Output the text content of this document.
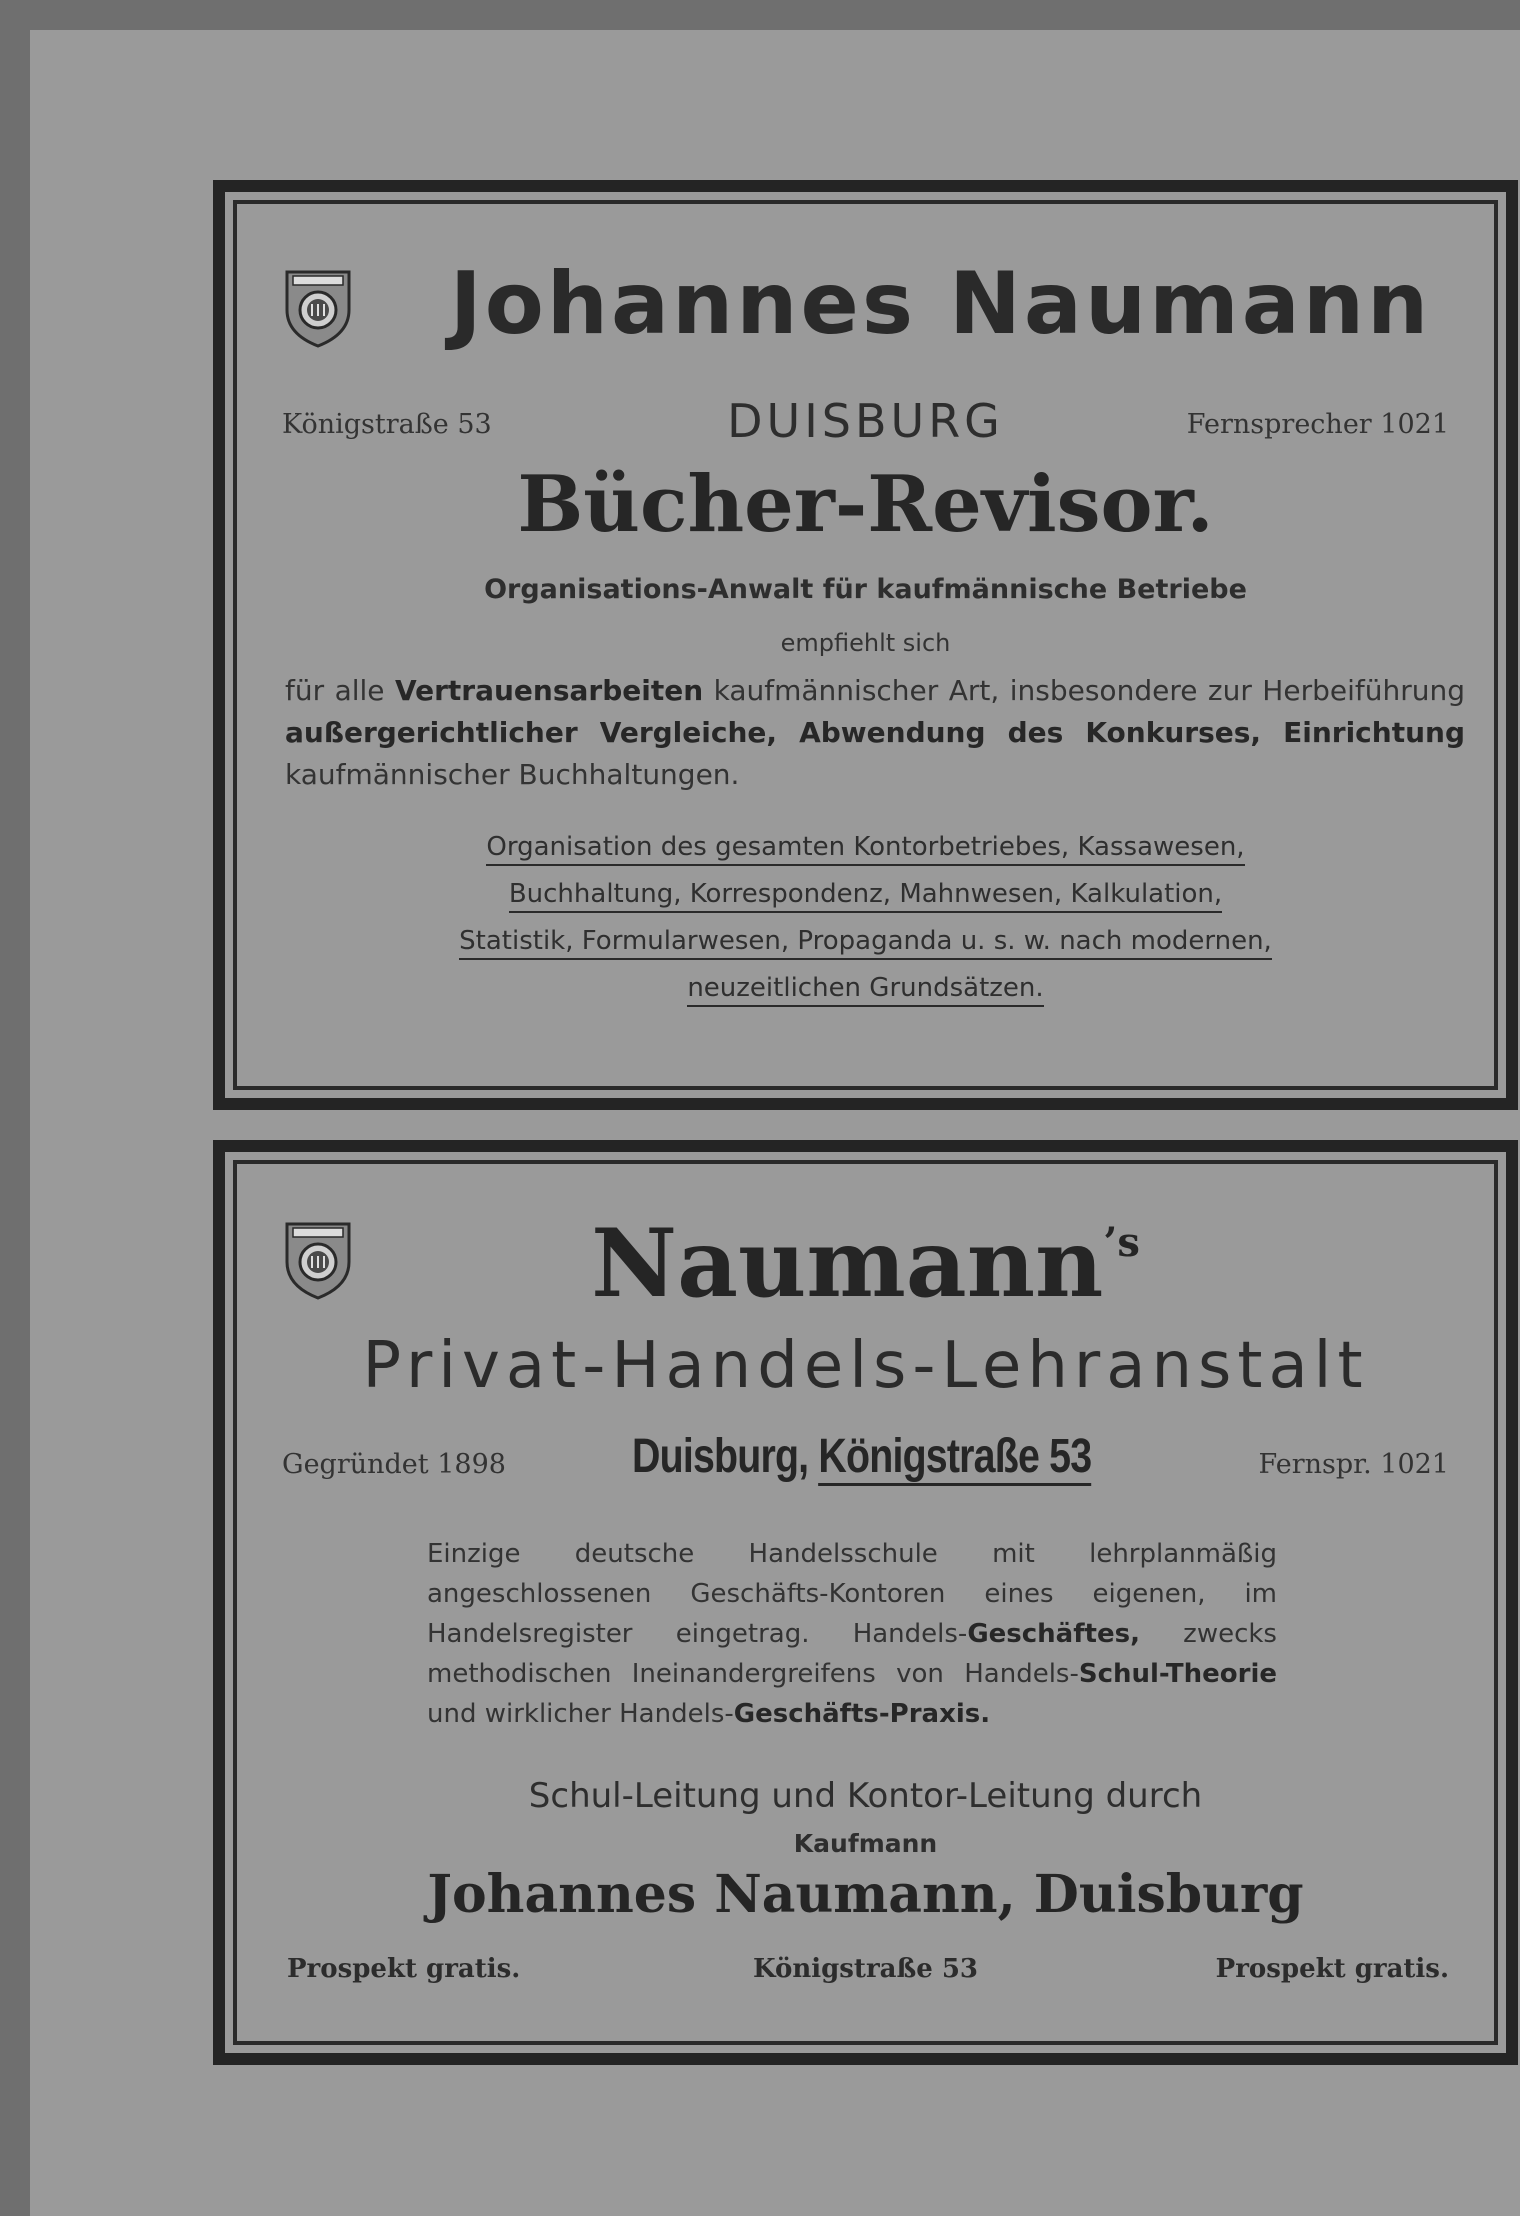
Johannes Naumann
Königstraße 53	DUISBURG	Fernsprecher 1021
Bücher-Revisor.
Organisations-Anwalt für kaufmännische Betriebe
empfiehlt sich
für alle Vertrauensarbeiten kaufmännischer Art, insbesondere zur Herbeiführung außergerichtlicher Vergleiche, Abwendung des Konkurses, Einrichtung kaufmännischer Buchhaltungen.
Organisation des gesamten Kontorbetriebes, Kassawesen,
Buchhaltung, Korrespondenz, Mahnwesen, Kalkulation,
Statistik, Formularwesen, Propaganda u. s. w. nach modernen,
neuzeitlichen Grundsätzen.
Naumann$^{’s}$
Privat-Handels-Lehranstalt
Gegründet 1898	Duisburg, Königstraße 53	Fernspr. 1021
Einzige deutsche Handelsschule mit lehrplanmäßig angeschlossenen Geschäfts-Kontoren eines eigenen, im Handelsregister eingetrag. Handels-Geschäftes, zwecks methodischen Ineinandergreifens von Handels-Schul-Theorie und wirklicher Handels-Geschäfts-Praxis.
Schul-Leitung und Kontor-Leitung durch
Kaufmann
Johannes Naumann, Duisburg
Prospekt gratis.	Königstraße 53	Prospekt gratis.
